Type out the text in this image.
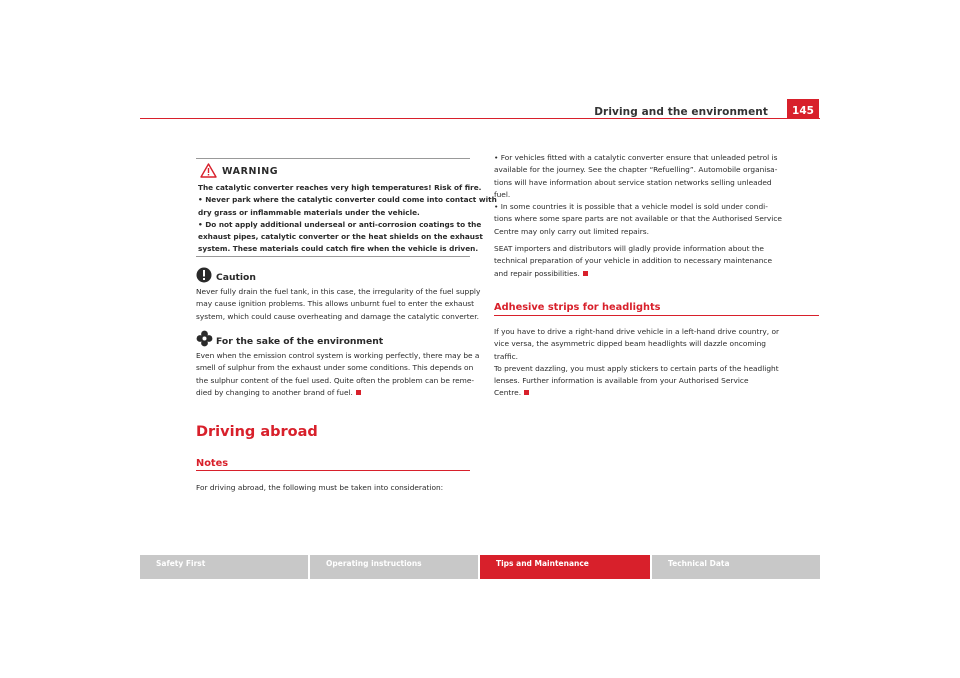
Driving and the environment	145
WARNING
The catalytic converter reaches very high temperatures! Risk of fire.
• Never park where the catalytic converter could come into contact with
dry grass or inflammable materials under the vehicle.
• Do not apply additional underseal or anti-corrosion coatings to the
exhaust pipes, catalytic converter or the heat shields on the exhaust
system. These materials could catch fire when the vehicle is driven.
Caution
Never fully drain the fuel tank, in this case, the irregularity of the fuel supply
may cause ignition problems. This allows unburnt fuel to enter the exhaust
system, which could cause overheating and damage the catalytic converter.
For the sake of the environment
Even when the emission control system is working perfectly, there may be a
smell of sulphur from the exhaust under some conditions. This depends on
the sulphur content of the fuel used. Quite often the problem can be reme-
died by changing to another brand of fuel.
Driving abroad
Notes
For driving abroad, the following must be taken into consideration:
• For vehicles fitted with a catalytic converter ensure that unleaded petrol is
available for the journey. See the chapter “Refuelling”. Automobile organisa-
tions will have information about service station networks selling unleaded
fuel.
• In some countries it is possible that a vehicle model is sold under condi-
tions where some spare parts are not available or that the Authorised Service
Centre may only carry out limited repairs.
SEAT importers and distributors will gladly provide information about the
technical preparation of your vehicle in addition to necessary maintenance
and repair possibilities.
Adhesive strips for headlights
If you have to drive a right-hand drive vehicle in a left-hand drive country, or
vice versa, the asymmetric dipped beam headlights will dazzle oncoming
traffic.
To prevent dazzling, you must apply stickers to certain parts of the headlight
lenses. Further information is available from your Authorised Service
Centre.
Safety First	Operating instructions	Tips and Maintenance	Technical Data
